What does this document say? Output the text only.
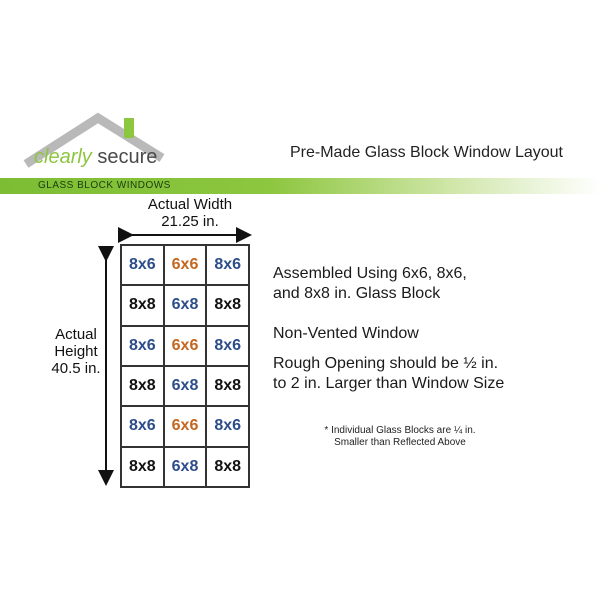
clearly secure	Pre-Made Glass Block Window Layout
GLASS BLOCK WINDOWS
Actual Width
21.25 in.
Actual
Height
40.5 in.
8x6 6x6 8x6
8x8 6x8 8x8
8x6 6x6 8x6
8x8 6x8 8x8
8x6 6x6 8x6
8x8 6x8 8x8
Assembled Using 6x6, 8x6,
and 8x8 in. Glass Block
Non-Vented Window
Rough Opening should be ½ in.
to 2 in. Larger than Window Size
* Individual Glass Blocks are ¼ in.
Smaller than Reflected Above
